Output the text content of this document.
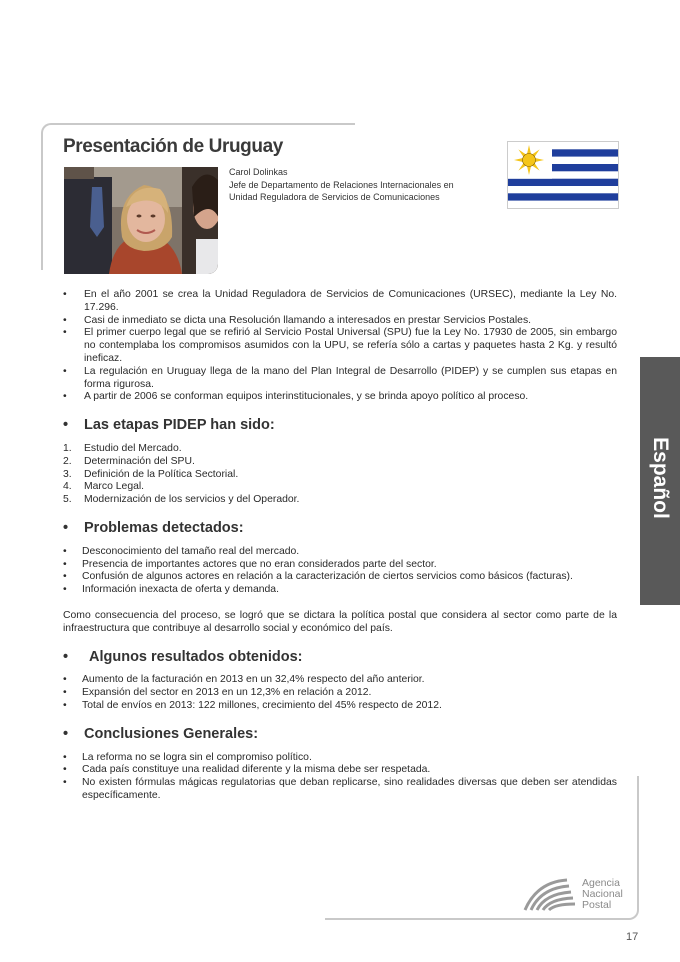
Presentación de Uruguay
Carol Dolinkas
Jefe de Departamento de Relaciones Internacionales en
Unidad Reguladora de Servicios de Comunicaciones
• En el año 2001 se crea la Unidad Reguladora de Servicios de Comunicaciones (URSEC), mediante la Ley No. 17.296.
• Casi de inmediato se dicta una Resolución llamando a interesados en prestar Servicios Postales.
• El primer cuerpo legal que se refirió al Servicio Postal Universal (SPU) fue la Ley No. 17930 de 2005, sin embargo no contemplaba los compromisos asumidos con la UPU, se refería sólo a cartas y paquetes hasta 2 Kg. y resultó ineficaz.
• La regulación en Uruguay llega de la mano del Plan Integral de Desarrollo (PIDEP) y se cumplen sus etapas en forma rigurosa.
• A partir de 2006 se conforman equipos interinstitucionales, y se brinda apoyo político al proceso.
• Las etapas PIDEP han sido:
1. Estudio del Mercado.
2. Determinación del SPU.
3. Definición de la Política Sectorial.
4. Marco Legal.
5. Modernización de los servicios y del Operador.
• Problemas detectados:
• Desconocimiento del tamaño real del mercado.
• Presencia de importantes actores que no eran considerados parte del sector.
• Confusión de algunos actores en relación a la caracterización de ciertos servicios como básicos (facturas).
• Información inexacta de oferta y demanda.
Como consecuencia del proceso, se logró que se dictara la política postal que considera al sector como parte de la infraestructura que contribuye al desarrollo social y económico del país.
• Algunos resultados obtenidos:
• Aumento de la facturación en 2013 en un 32,4% respecto del año anterior.
• Expansión del sector en 2013 en un 12,3% en relación a 2012.
• Total de envíos en 2013: 122 millones, crecimiento del 45% respecto de 2012.
• Conclusiones Generales:
• La reforma no se logra sin el compromiso político.
• Cada país constituye una realidad diferente y la misma debe ser respetada.
• No existen fórmulas mágicas regulatorias que deban replicarse, sino realidades diversas que deben ser atendidas específicamente.
Español
Agencia
Nacional
Postal
17
